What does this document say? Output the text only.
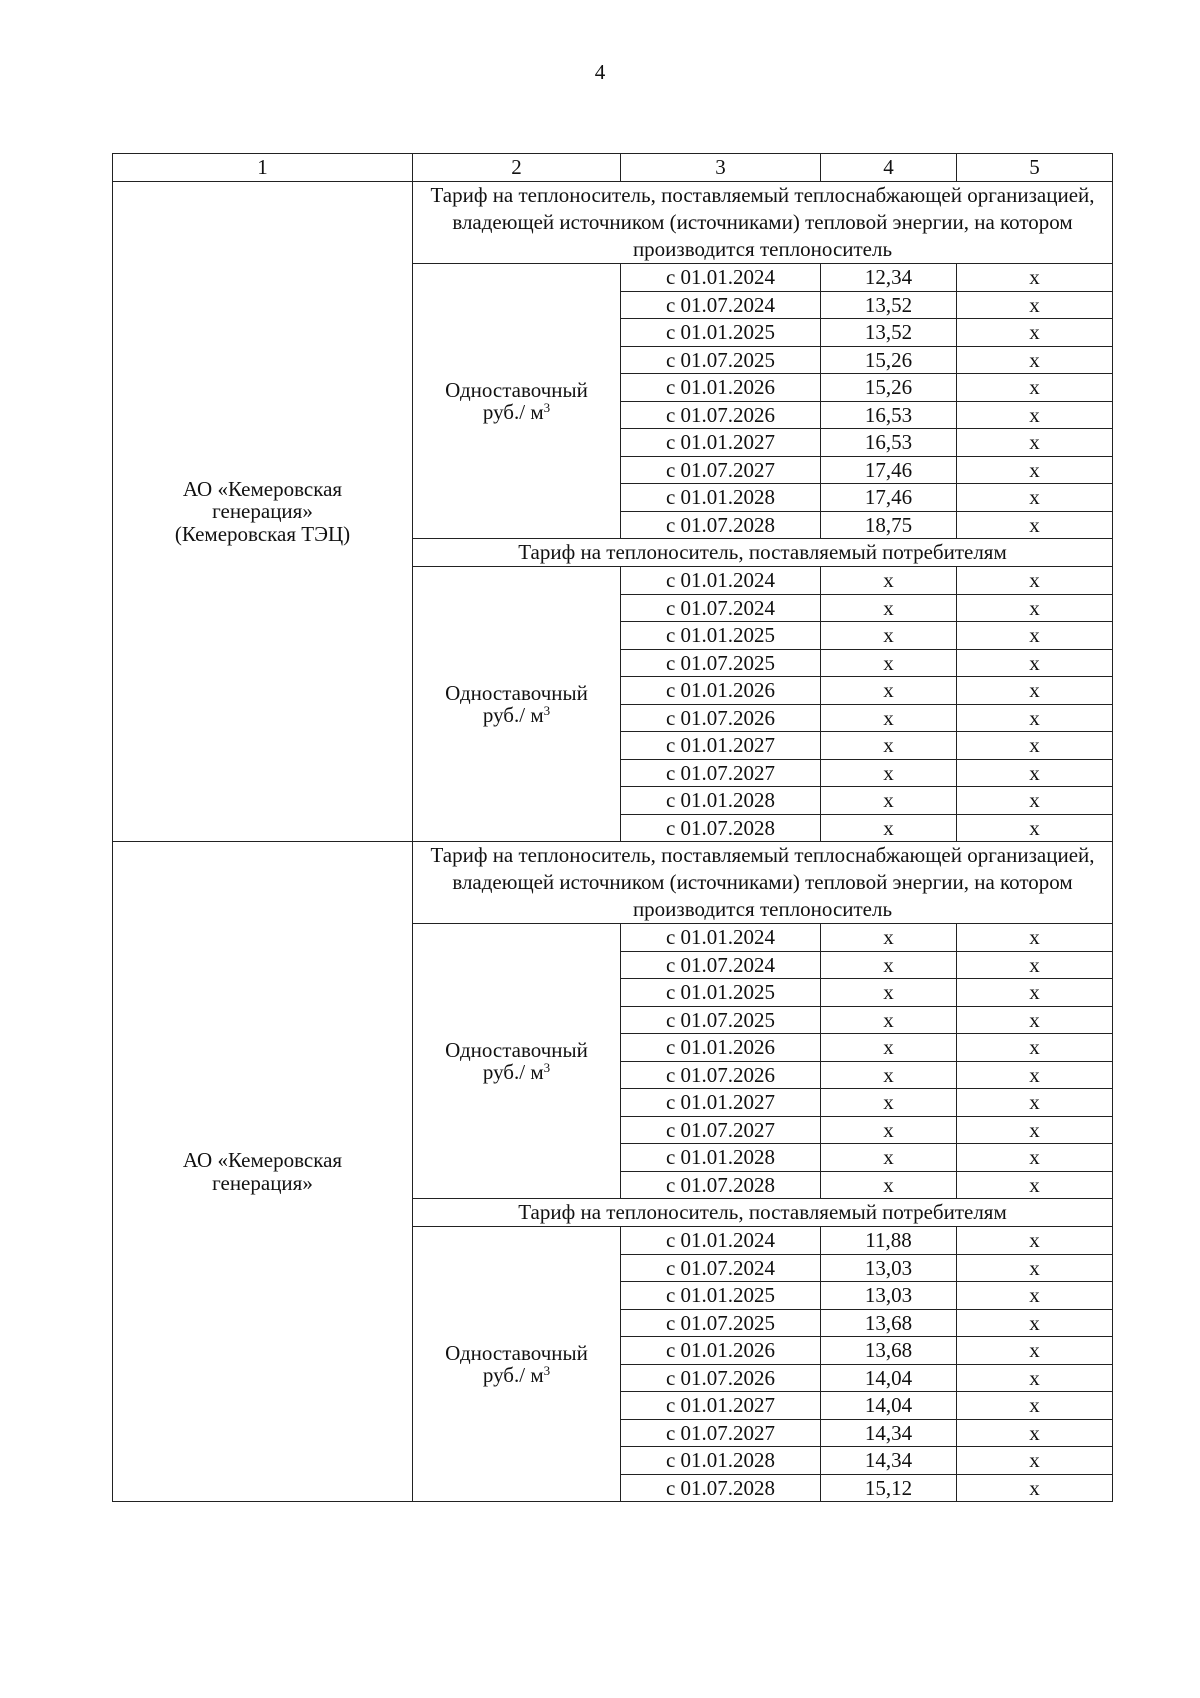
4
1	2	3	4	5
АО «Кемеровская генерация» (Кемеровская ТЭЦ)	Тариф на теплоноситель, поставляемый теплоснабжающей организацией, владеющей источником (источниками) тепловой энергии, на котором производится теплоноситель			

	Одноставочный
руб./ $м^3$	с 01.01.2024	12,34	х
		с 01.07.2024	13,52	х
		с 01.01.2025	13,52	х
		с 01.07.2025	15,26	х
		с 01.01.2026	15,26	х
		с 01.07.2026	16,53	х
		с 01.01.2027	16,53	х
		с 01.07.2027	17,46	х
		с 01.01.2028	17,46	х
		с 01.07.2028	18,75	х
	Тариф на теплоноситель, поставляемый потребителям			

	Одноставочный
руб./ $м^3$	с 01.01.2024	х	х
		с 01.07.2024	х	х
		с 01.01.2025	х	х
		с 01.07.2025	х	х
		с 01.01.2026	х	х
		с 01.07.2026	х	х
		с 01.01.2027	х	х
		с 01.07.2027	х	х
		с 01.01.2028	х	х
		с 01.07.2028	х	х
АО «Кемеровская генерация»	Тариф на теплоноситель, поставляемый теплоснабжающей организацией, владеющей источником (источниками) тепловой энергии, на котором производится теплоноситель			

	Одноставочный
руб./ $м^3$	с 01.01.2024	х	х
		с 01.07.2024	х	х
		с 01.01.2025	х	х
		с 01.07.2025	х	х
		с 01.01.2026	х	х
		с 01.07.2026	х	х
		с 01.01.2027	х	х
		с 01.07.2027	х	х
		с 01.01.2028	х	х
		с 01.07.2028	х	х
	Тариф на теплоноситель, поставляемый потребителям			

	Одноставочный
руб./ $м^3$	с 01.01.2024	11,88	х
		с 01.07.2024	13,03	х
		с 01.01.2025	13,03	х
		с 01.07.2025	13,68	х
		с 01.01.2026	13,68	х
		с 01.07.2026	14,04	х
		с 01.01.2027	14,04	х
		с 01.07.2027	14,34	х
		с 01.01.2028	14,34	х
		с 01.07.2028	15,12	х
